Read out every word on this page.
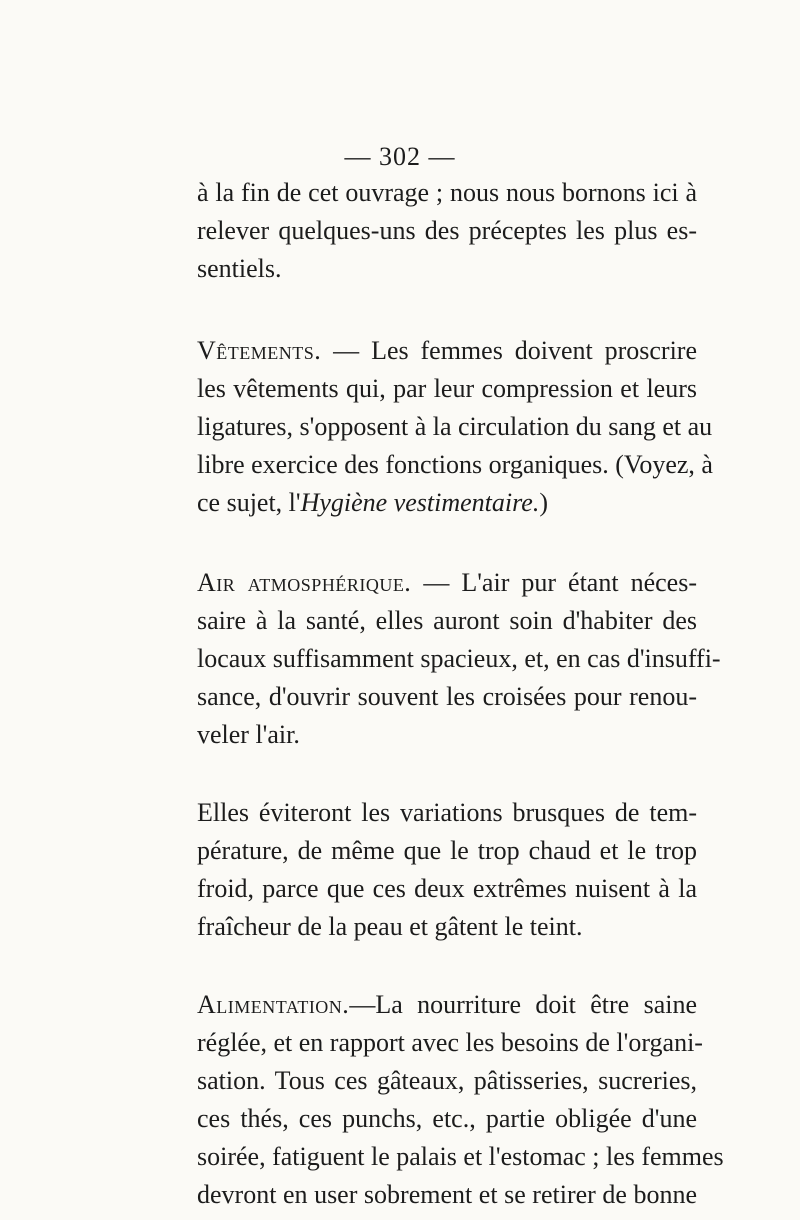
— 302 —

à la fin de cet ouvrage ; nous nous bornons ici à
relever quelques-uns des préceptes les plus es-
sentiels.

Vêtements. — Les femmes doivent proscrire
les vêtements qui, par leur compression et leurs
ligatures, s'opposent à la circulation du sang et au
libre exercice des fonctions organiques. (Voyez, à
ce sujet, l'Hygiène vestimentaire.)

Air atmosphérique. — L'air pur étant néces-
saire à la santé, elles auront soin d'habiter des
locaux suffisamment spacieux, et, en cas d'insuffi-
sance, d'ouvrir souvent les croisées pour renou-
veler l'air.

Elles éviteront les variations brusques de tem-
pérature, de même que le trop chaud et le trop
froid, parce que ces deux extrêmes nuisent à la
fraîcheur de la peau et gâtent le teint.

Alimentation.—La nourriture doit être saine
réglée, et en rapport avec les besoins de l'organi-
sation. Tous ces gâteaux, pâtisseries, sucreries,
ces thés, ces punchs, etc., partie obligée d'une
soirée, fatiguent le palais et l'estomac ; les femmes
devront en user sobrement et se retirer de bonne
